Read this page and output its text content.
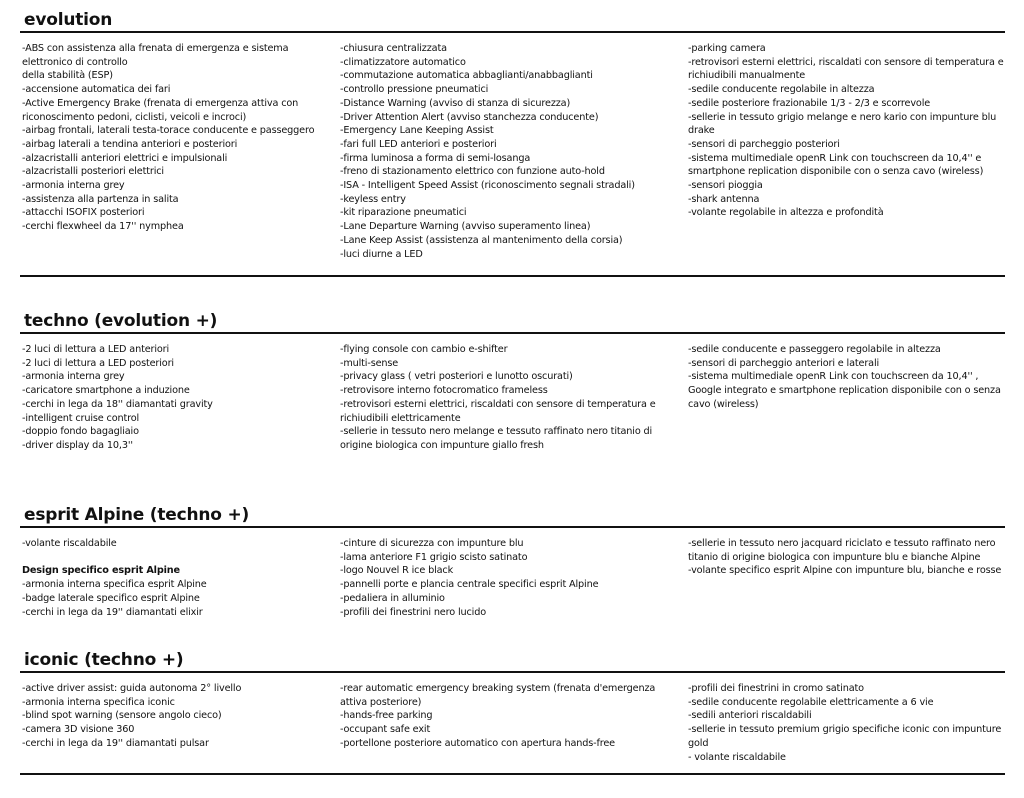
evolution
-ABS con assistenza alla frenata di emergenza e sistema elettronico di controllo
della stabilità (ESP)
-accensione automatica dei fari
-Active Emergency Brake (frenata di emergenza attiva con riconoscimento pedoni, ciclisti, veicoli e incroci)
-airbag frontali, laterali testa-torace conducente e passeggero
-airbag laterali a tendina anteriori e posteriori
-alzacristalli anteriori elettrici e impulsionali
-alzacristalli posteriori elettrici
-armonia interna grey
-assistenza alla partenza in salita
-attacchi ISOFIX posteriori
-cerchi flexwheel da 17'' nymphea
-chiusura centralizzata
-climatizzatore automatico
-commutazione automatica abbaglianti/anabbaglianti
-controllo pressione pneumatici
-Distance Warning (avviso di stanza di sicurezza)
-Driver Attention Alert (avviso stanchezza conducente)
-Emergency Lane Keeping Assist
-fari full LED anteriori e posteriori
-firma luminosa a forma di semi-losanga
-freno di stazionamento elettrico con funzione auto-hold
-ISA - Intelligent Speed Assist (riconoscimento segnali stradali)
-keyless entry
-kit riparazione pneumatici
-Lane Departure Warning (avviso superamento linea)
-Lane Keep Assist (assistenza al mantenimento della corsia)
-luci diurne a LED
-parking camera
-retrovisori esterni elettrici, riscaldati con sensore di temperatura e richiudibili manualmente
-sedile conducente regolabile in altezza
-sedile posteriore frazionabile 1/3 - 2/3 e scorrevole
-sellerie in tessuto grigio melange e nero kario con impunture blu drake
-sensori di parcheggio posteriori
-sistema multimediale openR Link con touchscreen da 10,4'' e smartphone replication disponibile con o senza cavo (wireless)
-sensori pioggia
-shark antenna
-volante regolabile in altezza e profondità
techno (evolution +)
-2 luci di lettura a LED anteriori
-2 luci di lettura a LED posteriori
-armonia interna grey
-caricatore smartphone a induzione
-cerchi in lega da 18'' diamantati gravity
-intelligent cruise control
-doppio fondo bagagliaio
-driver display da 10,3''
-flying console con cambio e-shifter
-multi-sense
-privacy glass ( vetri posteriori e lunotto oscurati)
-retrovisore interno fotocromatico frameless
-retrovisori esterni elettrici, riscaldati con sensore di temperatura e richiudibili elettricamente
-sellerie in tessuto nero melange e tessuto raffinato nero titanio di origine biologica con impunture giallo fresh
-sedile conducente e passeggero regolabile in altezza
-sensori di parcheggio anteriori e laterali
-sistema multimediale openR Link con touchscreen da 10,4'' , Google integrato e smartphone replication disponibile con o senza cavo (wireless)
esprit Alpine (techno +)
-volante riscaldabile
Design specifico esprit Alpine
-armonia interna specifica esprit Alpine
-badge laterale specifico esprit Alpine
-cerchi in lega da 19'' diamantati elixir
-cinture di sicurezza con impunture blu
-lama anteriore F1 grigio scisto satinato
-logo Nouvel R ice black
-pannelli porte e plancia centrale specifici esprit Alpine
-pedaliera in alluminio
-profili dei finestrini nero lucido
-sellerie in tessuto nero jacquard riciclato e tessuto raffinato nero titanio di origine biologica con impunture blu e bianche Alpine
-volante specifico esprit Alpine con impunture blu, bianche e rosse
iconic (techno +)
-active driver assist: guida autonoma 2° livello
-armonia interna specifica iconic
-blind spot warning (sensore angolo cieco)
-camera 3D visione 360
-cerchi in lega da 19'' diamantati pulsar
-rear automatic emergency breaking system (frenata d'emergenza attiva posteriore)
-hands-free parking
-occupant safe exit
-portellone posteriore automatico con apertura hands-free
-profili dei finestrini in cromo satinato
-sedile conducente regolabile elettricamente a 6 vie
-sedili anteriori riscaldabili
-sellerie in tessuto premium grigio specifiche iconic con impunture gold
- volante riscaldabile
